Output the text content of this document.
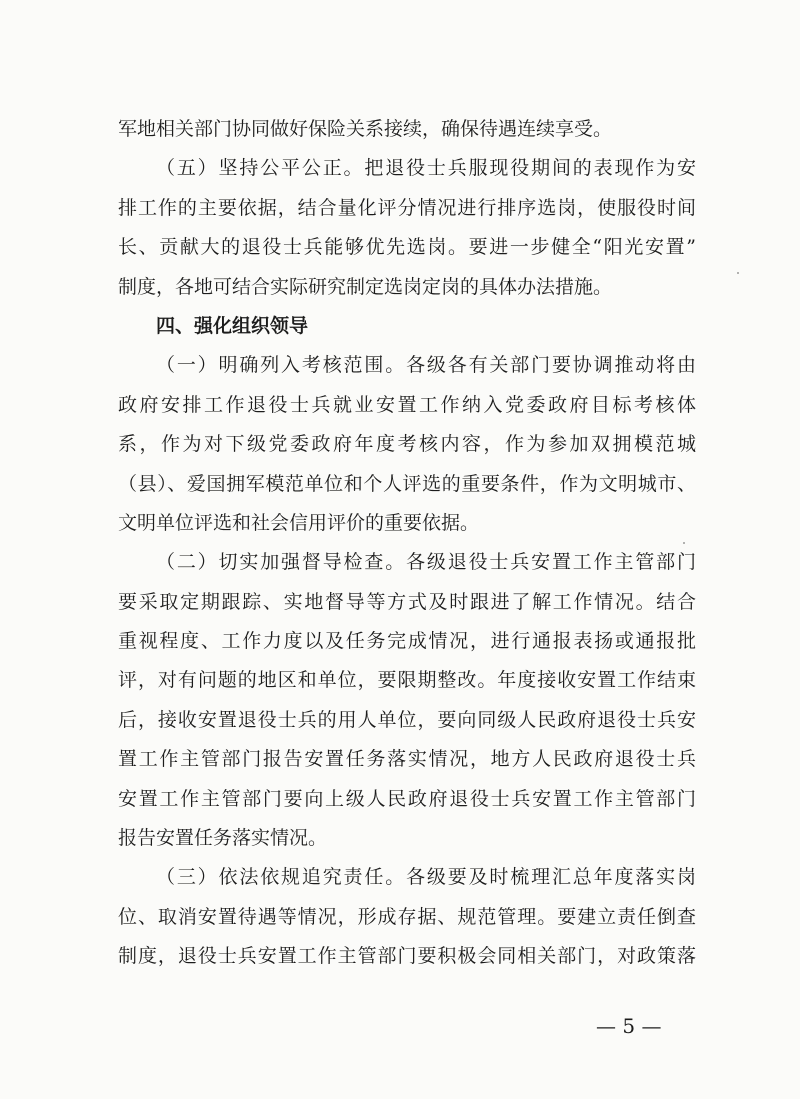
军地相关部门协同做好保险关系接续，确保待遇连续享受。
（五）坚持公平公正。把退役士兵服现役期间的表现作为安
排工作的主要依据，结合量化评分情况进行排序选岗，使服役时间
长、贡献大的退役士兵能够优先选岗。要进一步健全“阳光安置”
制度，各地可结合实际研究制定选岗定岗的具体办法措施。
四、强化组织领导
（一）明确列入考核范围。各级各有关部门要协调推动将由
政府安排工作退役士兵就业安置工作纳入党委政府目标考核体
系，作为对下级党委政府年度考核内容，作为参加双拥模范城
（县）、爱国拥军模范单位和个人评选的重要条件，作为文明城市、
文明单位评选和社会信用评价的重要依据。
（二）切实加强督导检查。各级退役士兵安置工作主管部门
要采取定期跟踪、实地督导等方式及时跟进了解工作情况。结合
重视程度、工作力度以及任务完成情况，进行通报表扬或通报批
评，对有问题的地区和单位，要限期整改。年度接收安置工作结束
后，接收安置退役士兵的用人单位，要向同级人民政府退役士兵安
置工作主管部门报告安置任务落实情况，地方人民政府退役士兵
安置工作主管部门要向上级人民政府退役士兵安置工作主管部门
报告安置任务落实情况。
（三）依法依规追究责任。各级要及时梳理汇总年度落实岗
位、取消安置待遇等情况，形成存据、规范管理。要建立责任倒查
制度，退役士兵安置工作主管部门要积极会同相关部门，对政策落
— 5 —
